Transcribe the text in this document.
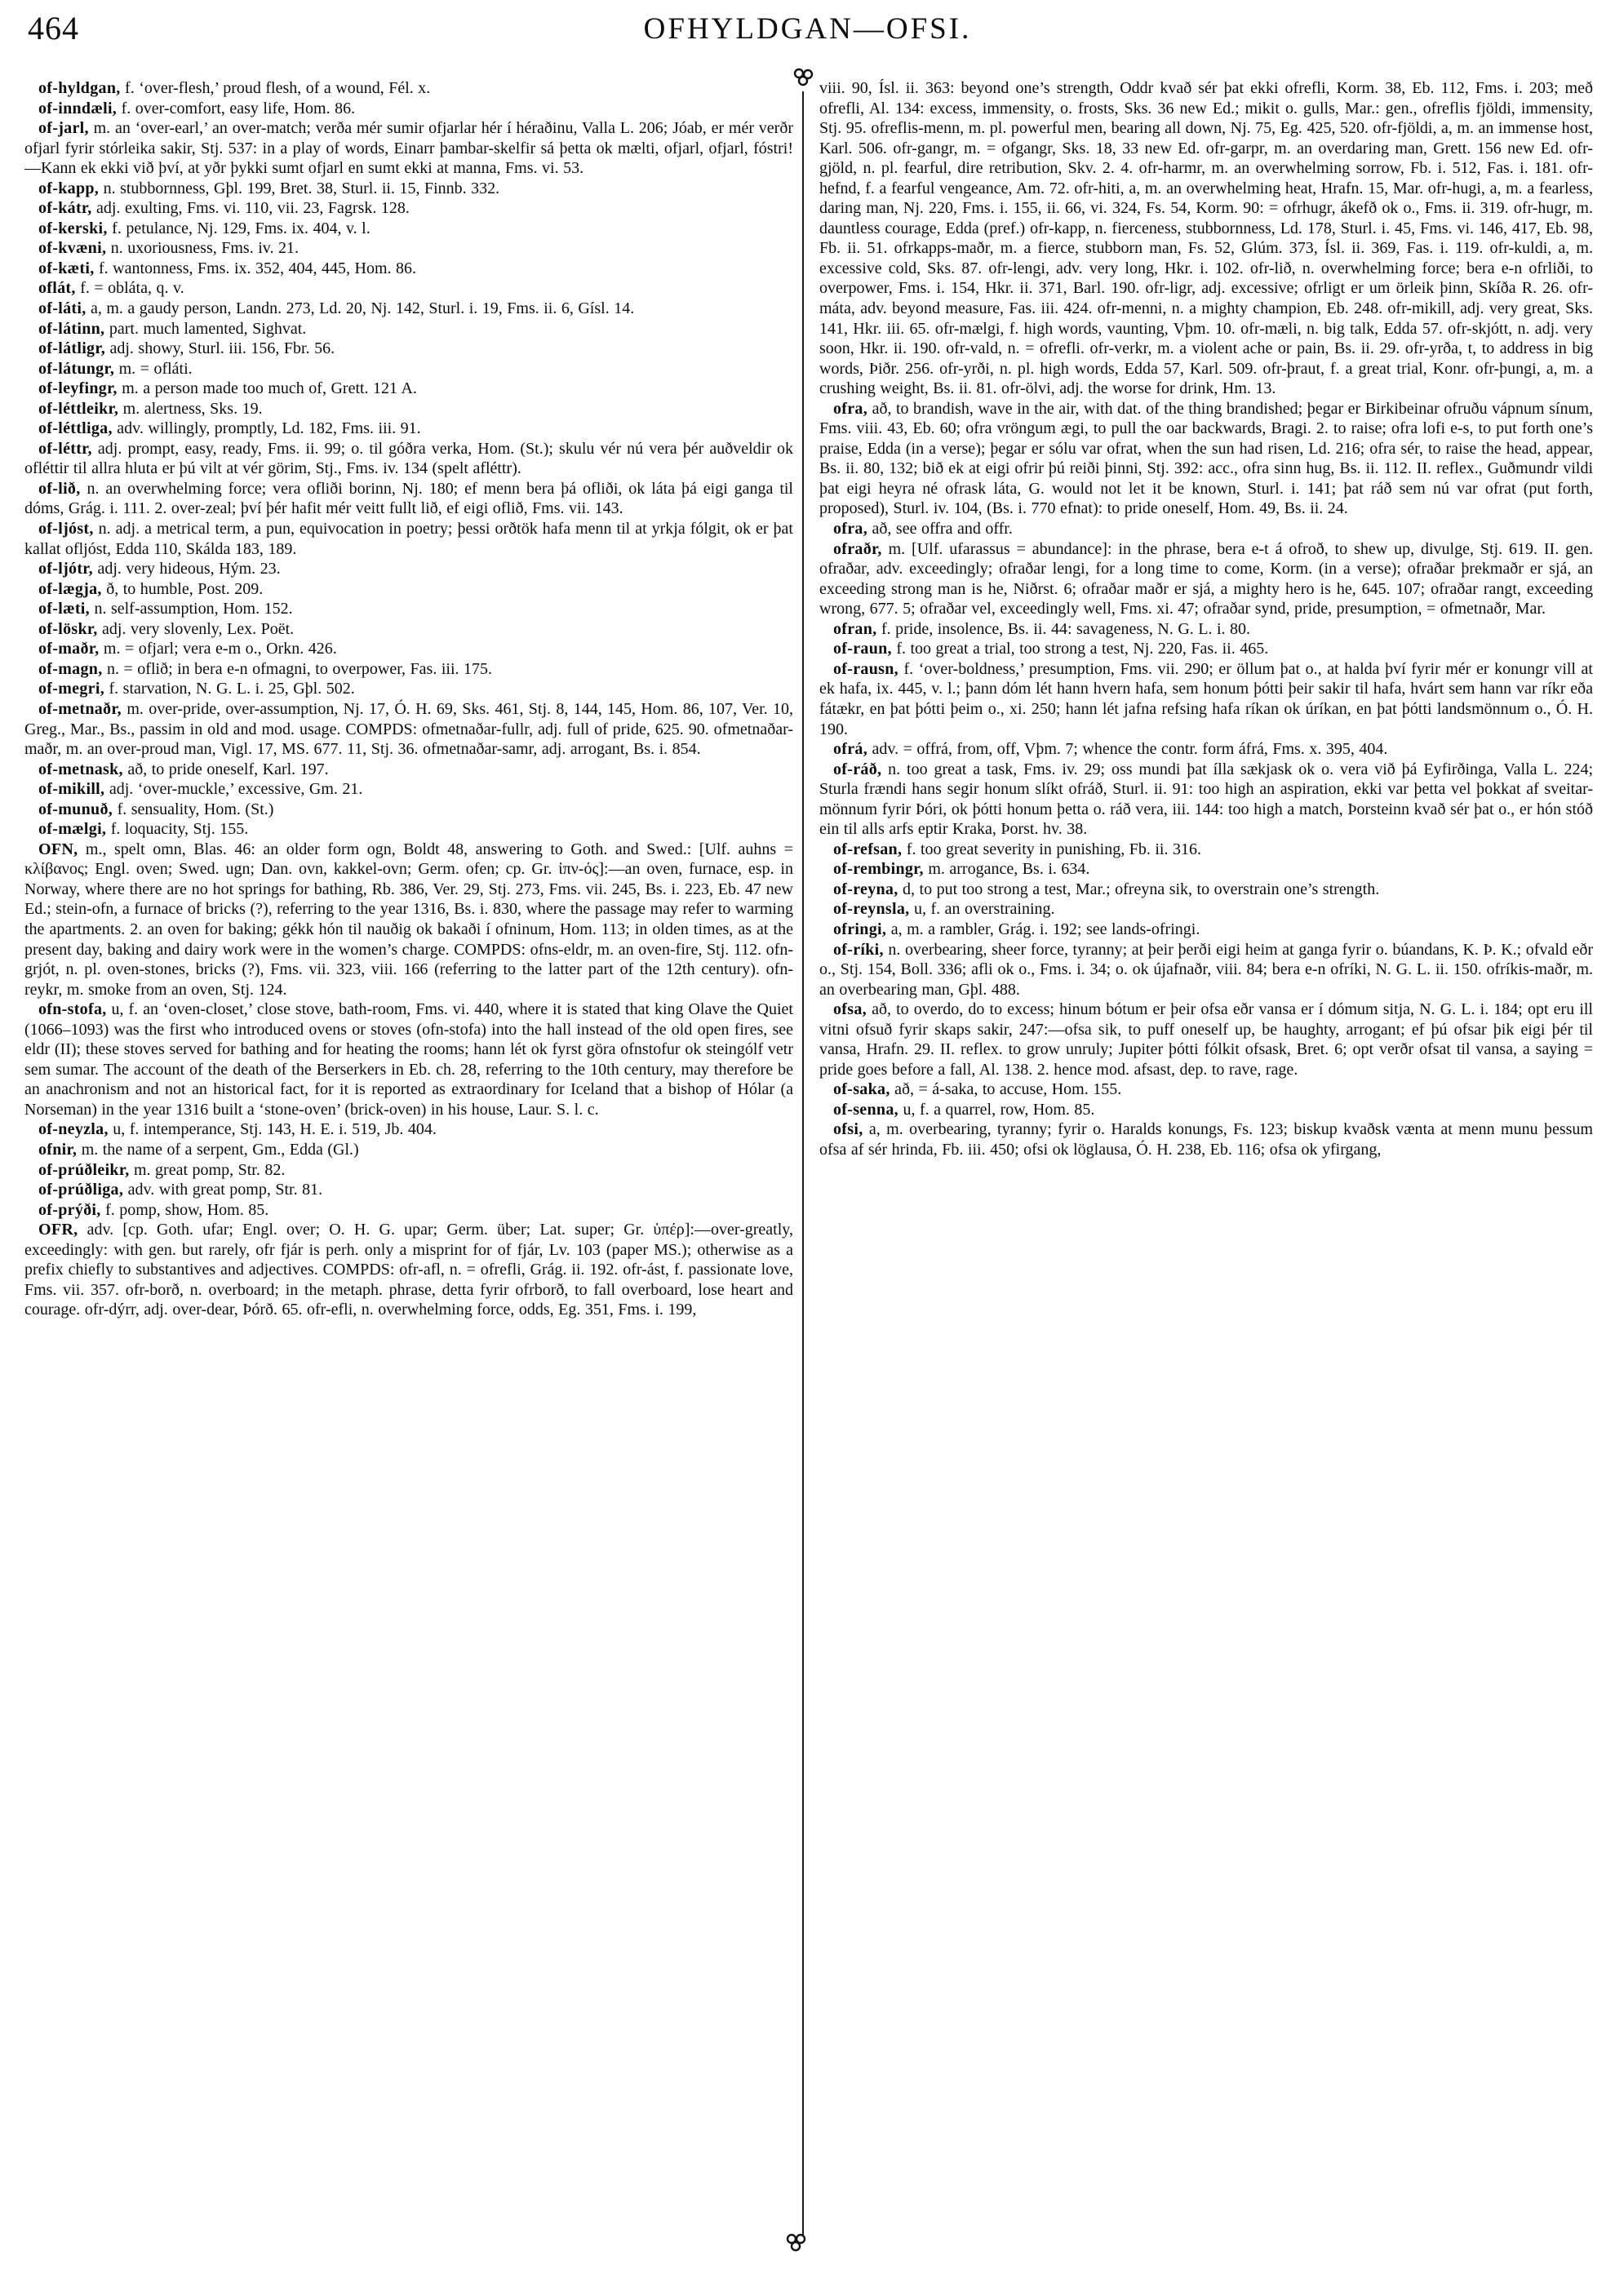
464	OFHYLDGAN—OFSI.

of-hyldgan, f. ‘over-flesh,’ proud flesh, of a wound, Fél. x.

of-inndæli, f. over-comfort, easy life, Hom. 86.

of-jarl, m. an ‘over-earl,’ an over-match; verða mér sumir ofjarlar hér í héraðinu, Valla L. 206; Jóab, er mér verðr ofjarl fyrir stórleika sakir, Stj. 537: in a play of words, Einarr þambar-skelfir sá þetta ok mælti, ofjarl, ofjarl, fóstri!—Kann ek ekki við því, at yðr þykki sumt ofjarl en sumt ekki at manna, Fms. vi. 53.

of-kapp, n. stubbornness, Gþl. 199, Bret. 38, Sturl. ii. 15, Finnb. 332.

of-kátr, adj. exulting, Fms. vi. 110, vii. 23, Fagrsk. 128.

of-kerski, f. petulance, Nj. 129, Fms. ix. 404, v. l.

of-kvæni, n. uxoriousness, Fms. iv. 21.

of-kæti, f. wantonness, Fms. ix. 352, 404, 445, Hom. 86.

oflát, f. = obláta, q. v.

of-láti, a, m. a gaudy person, Landn. 273, Ld. 20, Nj. 142, Sturl. i. 19, Fms. ii. 6, Gísl. 14.

of-látinn, part. much lamented, Sighvat.

of-látligr, adj. showy, Sturl. iii. 156, Fbr. 56.

of-látungr, m. = ofláti.

of-leyfingr, m. a person made too much of, Grett. 121 A.

of-léttleikr, m. alertness, Sks. 19.

of-léttliga, adv. willingly, promptly, Ld. 182, Fms. iii. 91.

of-léttr, adj. prompt, easy, ready, Fms. ii. 99; o. til góðra verka, Hom. (St.); skulu vér nú vera þér auðveldir ok ofléttir til allra hluta er þú vilt at vér görim, Stj., Fms. iv. 134 (spelt afléttr).

of-lið, n. an overwhelming force; vera ofliði borinn, Nj. 180; ef menn bera þá ofliði, ok láta þá eigi ganga til dóms, Grág. i. 111. 2. over-zeal; því þér hafit mér veitt fullt lið, ef eigi oflið, Fms. vii. 143.

of-ljóst, n. adj. a metrical term, a pun, equivocation in poetry; þessi orðtök hafa menn til at yrkja fólgit, ok er þat kallat ofljóst, Edda 110, Skálda 183, 189.

of-ljótr, adj. very hideous, Hým. 23.

of-lægja, ð, to humble, Post. 209.

of-læti, n. self-assumption, Hom. 152.

of-löskr, adj. very slovenly, Lex. Poët.

of-maðr, m. = ofjarl; vera e-m o., Orkn. 426.

of-magn, n. = oflið; in bera e-n ofmagni, to overpower, Fas. iii. 175.

of-megri, f. starvation, N. G. L. i. 25, Gþl. 502.

of-metnaðr, m. over-pride, over-assumption, Nj. 17, Ó. H. 69, Sks. 461, Stj. 8, 144, 145, Hom. 86, 107, Ver. 10, Greg., Mar., Bs., passim in old and mod. usage. COMPDS: ofmetnaðar-fullr, adj. full of pride, 625. 90. ofmetnaðar-maðr, m. an over-proud man, Vigl. 17, MS. 677. 11, Stj. 36. ofmetnaðar-samr, adj. arrogant, Bs. i. 854.

of-metnask, að, to pride oneself, Karl. 197.

of-mikill, adj. ‘over-muckle,’ excessive, Gm. 21.

of-munuð, f. sensuality, Hom. (St.)

of-mælgi, f. loquacity, Stj. 155.

OFN, m., spelt omn, Blas. 46: an older form ogn, Boldt 48, answering to Goth. and Swed.: [Ulf. auhns = κλίβανος; Engl. oven; Swed. ugn; Dan. ovn, kakkel-ovn; Germ. ofen; cp. Gr. ἰπν-ός]:—an oven, furnace, esp. in Norway, where there are no hot springs for bathing, Rb. 386, Ver. 29, Stj. 273, Fms. vii. 245, Bs. i. 223, Eb. 47 new Ed.; stein-ofn, a furnace of bricks (?), referring to the year 1316, Bs. i. 830, where the passage may refer to warming the apartments. 2. an oven for baking; gékk hón til nauðig ok bakaði í ofninum, Hom. 113; in olden times, as at the present day, baking and dairy work were in the women’s charge. COMPDS: ofns-eldr, m. an oven-fire, Stj. 112. ofn-grjót, n. pl. oven-stones, bricks (?), Fms. vii. 323, viii. 166 (referring to the latter part of the 12th century). ofn-reykr, m. smoke from an oven, Stj. 124.

ofn-stofa, u, f. an ‘oven-closet,’ close stove, bath-room, Fms. vi. 440, where it is stated that king Olave the Quiet (1066–1093) was the first who introduced ovens or stoves (ofn-stofa) into the hall instead of the old open fires, see eldr (II); these stoves served for bathing and for heating the rooms; hann lét ok fyrst göra ofnstofur ok steingólf vetr sem sumar. The account of the death of the Berserkers in Eb. ch. 28, referring to the 10th century, may therefore be an anachronism and not an historical fact, for it is reported as extraordinary for Iceland that a bishop of Hólar (a Norseman) in the year 1316 built a ‘stone-oven’ (brick-oven) in his house, Laur. S. l. c.

of-neyzla, u, f. intemperance, Stj. 143, H. E. i. 519, Jb. 404.

ofnir, m. the name of a serpent, Gm., Edda (Gl.)

of-prúðleikr, m. great pomp, Str. 82.

of-prúðliga, adv. with great pomp, Str. 81.

of-prýði, f. pomp, show, Hom. 85.

OFR, adv. [cp. Goth. ufar; Engl. over; O. H. G. upar; Germ. über; Lat. super; Gr. ὑπέρ]:—over-greatly, exceedingly: with gen. but rarely, ofr fjár is perh. only a misprint for of fjár, Lv. 103 (paper MS.); otherwise as a prefix chiefly to substantives and adjectives. COMPDS: ofr-afl, n. = ofrefli, Grág. ii. 192. ofr-ást, f. passionate love, Fms. vii. 357. ofr-borð, n. overboard; in the metaph. phrase, detta fyrir ofrborð, to fall overboard, lose heart and courage. ofr-dýrr, adj. over-dear, Þórð. 65. ofr-efli, n. overwhelming force, odds, Eg. 351, Fms. i. 199,

viii. 90, Ísl. ii. 363: beyond one’s strength, Oddr kvað sér þat ekki ofrefli, Korm. 38, Eb. 112, Fms. i. 203; með ofrefli, Al. 134: excess, immensity, o. frosts, Sks. 36 new Ed.; mikit o. gulls, Mar.: gen., ofreflis fjöldi, immensity, Stj. 95. ofreflis-menn, m. pl. powerful men, bearing all down, Nj. 75, Eg. 425, 520. ofr-fjöldi, a, m. an immense host, Karl. 506. ofr-gangr, m. = ofgangr, Sks. 18, 33 new Ed. ofr-garpr, m. an overdaring man, Grett. 156 new Ed. ofr-gjöld, n. pl. fearful, dire retribution, Skv. 2. 4. ofr-harmr, m. an overwhelming sorrow, Fb. i. 512, Fas. i. 181. ofr-hefnd, f. a fearful vengeance, Am. 72. ofr-hiti, a, m. an overwhelming heat, Hrafn. 15, Mar. ofr-hugi, a, m. a fearless, daring man, Nj. 220, Fms. i. 155, ii. 66, vi. 324, Fs. 54, Korm. 90: = ofrhugr, ákefð ok o., Fms. ii. 319. ofr-hugr, m. dauntless courage, Edda (pref.) ofr-kapp, n. fierceness, stubbornness, Ld. 178, Sturl. i. 45, Fms. vi. 146, 417, Eb. 98, Fb. ii. 51. ofrkapps-maðr, m. a fierce, stubborn man, Fs. 52, Glúm. 373, Ísl. ii. 369, Fas. i. 119. ofr-kuldi, a, m. excessive cold, Sks. 87. ofr-lengi, adv. very long, Hkr. i. 102. ofr-lið, n. overwhelming force; bera e-n ofrliði, to overpower, Fms. i. 154, Hkr. ii. 371, Barl. 190. ofr-ligr, adj. excessive; ofrligt er um örleik þinn, Skíða R. 26. ofr-máta, adv. beyond measure, Fas. iii. 424. ofr-menni, n. a mighty champion, Eb. 248. ofr-mikill, adj. very great, Sks. 141, Hkr. iii. 65. ofr-mælgi, f. high words, vaunting, Vþm. 10. ofr-mæli, n. big talk, Edda 57. ofr-skjótt, n. adj. very soon, Hkr. ii. 190. ofr-vald, n. = ofrefli. ofr-verkr, m. a violent ache or pain, Bs. ii. 29. ofr-yrða, t, to address in big words, Þiðr. 256. ofr-yrði, n. pl. high words, Edda 57, Karl. 509. ofr-þraut, f. a great trial, Konr. ofr-þungi, a, m. a crushing weight, Bs. ii. 81. ofr-ölvi, adj. the worse for drink, Hm. 13.

ofra, að, to brandish, wave in the air, with dat. of the thing brandished; þegar er Birkibeinar ofruðu vápnum sínum, Fms. viii. 43, Eb. 60; ofra vröngum ægi, to pull the oar backwards, Bragi. 2. to raise; ofra lofi e-s, to put forth one’s praise, Edda (in a verse); þegar er sólu var ofrat, when the sun had risen, Ld. 216; ofra sér, to raise the head, appear, Bs. ii. 80, 132; bið ek at eigi ofrir þú reiði þinni, Stj. 392: acc., ofra sinn hug, Bs. ii. 112. II. reflex., Guðmundr vildi þat eigi heyra né ofrask láta, G. would not let it be known, Sturl. i. 141; þat ráð sem nú var ofrat (put forth, proposed), Sturl. iv. 104, (Bs. i. 770 efnat): to pride oneself, Hom. 49, Bs. ii. 24.

ofra, að, see offra and offr.

ofraðr, m. [Ulf. ufarassus = abundance]: in the phrase, bera e-t á ofroð, to shew up, divulge, Stj. 619. II. gen. ofraðar, adv. exceedingly; ofraðar lengi, for a long time to come, Korm. (in a verse); ofraðar þrekmaðr er sjá, an exceeding strong man is he, Niðrst. 6; ofraðar maðr er sjá, a mighty hero is he, 645. 107; ofraðar rangt, exceeding wrong, 677. 5; ofraðar vel, exceedingly well, Fms. xi. 47; ofraðar synd, pride, presumption, = ofmetnaðr, Mar.

ofran, f. pride, insolence, Bs. ii. 44: savageness, N. G. L. i. 80.

of-raun, f. too great a trial, too strong a test, Nj. 220, Fas. ii. 465.

of-rausn, f. ‘over-boldness,’ presumption, Fms. vii. 290; er öllum þat o., at halda því fyrir mér er konungr vill at ek hafa, ix. 445, v. l.; þann dóm lét hann hvern hafa, sem honum þótti þeir sakir til hafa, hvárt sem hann var ríkr eða fátækr, en þat þótti þeim o., xi. 250; hann lét jafna refsing hafa ríkan ok úríkan, en þat þótti landsmönnum o., Ó. H. 190.

ofrá, adv. = offrá, from, off, Vþm. 7; whence the contr. form áfrá, Fms. x. 395, 404.

of-ráð, n. too great a task, Fms. iv. 29; oss mundi þat ílla sækjask ok o. vera við þá Eyfirðinga, Valla L. 224; Sturla frændi hans segir honum slíkt ofráð, Sturl. ii. 91: too high an aspiration, ekki var þetta vel þokkat af sveitar-mönnum fyrir Þóri, ok þótti honum þetta o. ráð vera, iii. 144: too high a match, Þorsteinn kvað sér þat o., er hón stóð ein til alls arfs eptir Kraka, Þorst. hv. 38.

of-refsan, f. too great severity in punishing, Fb. ii. 316.

of-rembingr, m. arrogance, Bs. i. 634.

of-reyna, d, to put too strong a test, Mar.; ofreyna sik, to overstrain one’s strength.

of-reynsla, u, f. an overstraining.

ofringi, a, m. a rambler, Grág. i. 192; see lands-ofringi.

of-ríki, n. overbearing, sheer force, tyranny; at þeir þerði eigi heim at ganga fyrir o. búandans, K. Þ. K.; ofvald eðr o., Stj. 154, Boll. 336; afli ok o., Fms. i. 34; o. ok újafnaðr, viii. 84; bera e-n ofríki, N. G. L. ii. 150. ofríkis-maðr, m. an overbearing man, Gþl. 488.

ofsa, að, to overdo, do to excess; hinum bótum er þeir ofsa eðr vansa er í dómum sitja, N. G. L. i. 184; opt eru ill vitni ofsuð fyrir skaps sakir, 247:—ofsa sik, to puff oneself up, be haughty, arrogant; ef þú ofsar þik eigi þér til vansa, Hrafn. 29. II. reflex. to grow unruly; Jupiter þótti fólkit ofsask, Bret. 6; opt verðr ofsat til vansa, a saying = pride goes before a fall, Al. 138. 2. hence mod. afsast, dep. to rave, rage.

of-saka, að, = á-saka, to accuse, Hom. 155.

of-senna, u, f. a quarrel, row, Hom. 85.

ofsi, a, m. overbearing, tyranny; fyrir o. Haralds konungs, Fs. 123; biskup kvaðsk vænta at menn munu þessum ofsa af sér hrinda, Fb. iii. 450; ofsi ok löglausa, Ó. H. 238, Eb. 116; ofsa ok yfirgang,
